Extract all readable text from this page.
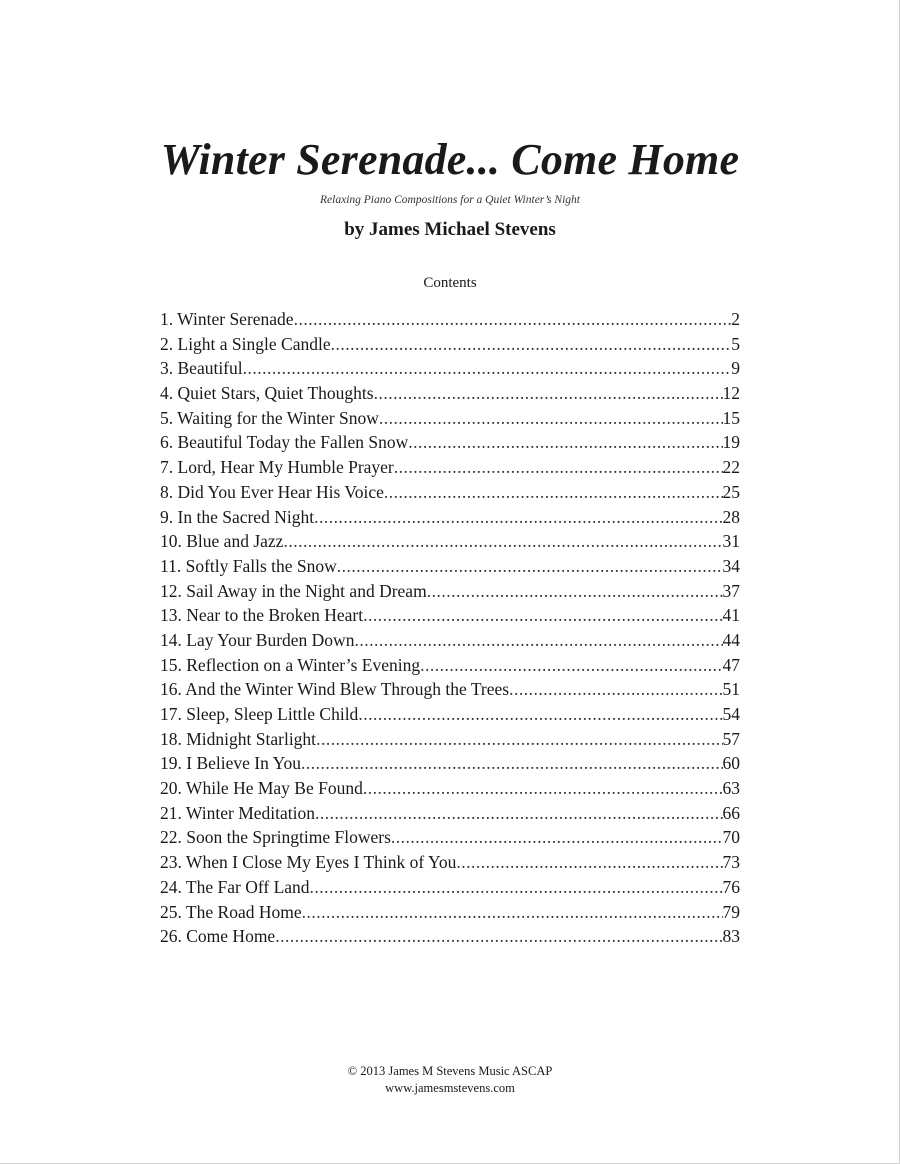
Winter Serenade... Come Home
Relaxing Piano Compositions for a Quiet Winter’s Night
by James Michael Stevens
Contents
1. Winter Serenade .....	2
2. Light a Single Candle .....	5
3. Beautiful .....	9
4. Quiet Stars, Quiet Thoughts .....	12
5. Waiting for the Winter Snow .....	15
6. Beautiful Today the Fallen Snow .....	19
7. Lord, Hear My Humble Prayer .....	22
8. Did You Ever Hear His Voice .....	25
9. In the Sacred Night .....	28
10. Blue and Jazz .....	31
11. Softly Falls the Snow .....	34
12. Sail Away in the Night and Dream .....	37
13. Near to the Broken Heart .....	41
14. Lay Your Burden Down .....	44
15. Reflection on a Winter’s Evening .....	47
16. And the Winter Wind Blew Through the Trees .....	51
17. Sleep, Sleep Little Child .....	54
18. Midnight Starlight .....	57
19. I Believe In You .....	60
20. While He May Be Found .....	63
21. Winter Meditation .....	66
22. Soon the Springtime Flowers .....	70
23. When I Close My Eyes I Think of You .....	73
24. The Far Off Land .....	76
25. The Road Home .....	79
26. Come Home .....	83
© 2013 James M Stevens Music ASCAP
www.jamesmstevens.com
